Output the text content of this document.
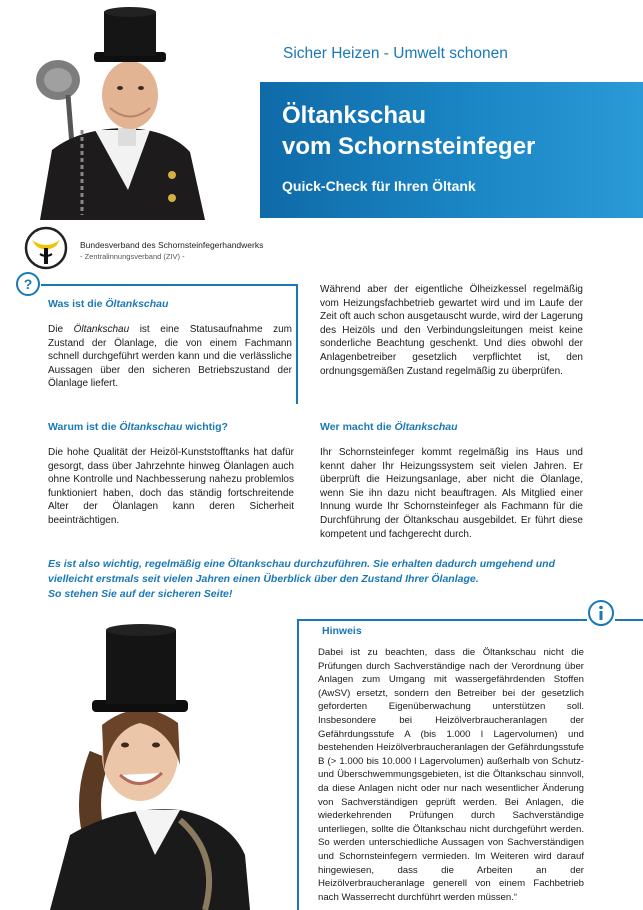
Sicher Heizen - Umwelt schonen
Öltankschau
vom Schornsteinfeger
Quick-Check für Ihren Öltank
Bundesverband des Schornsteinfegerhandwerks
- Zentralinnungsverband (ZIV) -
?
Was ist die Öltankschau
Die Öltankschau ist eine Statusaufnahme zum Zustand der Ölanlage, die von einem Fachmann schnell durchgeführt werden kann und die verlässliche Aussagen über den sicheren Betriebszustand der Ölanlage liefert.
Während aber der eigentliche Ölheizkessel regelmäßig vom Heizungsfachbetrieb gewartet wird und im Laufe der Zeit oft auch schon ausgetauscht wurde, wird der Lagerung des Heizöls und den Verbindungsleitungen meist keine sonderliche Beachtung geschenkt. Und dies obwohl der Anlagenbetreiber gesetzlich verpflichtet ist, den ordnungsgemäßen Zustand regelmäßig zu überprüfen.
Warum ist die Öltankschau wichtig?
Die hohe Qualität der Heizöl-Kunststofftanks hat dafür gesorgt, dass über Jahrzehnte hinweg Ölanlagen auch ohne Kontrolle und Nachbesserung nahezu problemlos funktioniert haben, doch das ständig fortschreitende Alter der Ölanlagen kann deren Sicherheit beeinträchtigen.
Wer macht die Öltankschau
Ihr Schornsteinfeger kommt regelmäßig ins Haus und kennt daher Ihr Heizungssystem seit vielen Jahren. Er überprüft die Heizungsanlage, aber nicht die Ölanlage, wenn Sie ihn dazu nicht beauftragen. Als Mitglied einer Innung wurde Ihr Schornsteinfeger als Fachmann für die Durchführung der Öltankschau ausgebildet. Er führt diese kompetent und fachgerecht durch.
Es ist also wichtig, regelmäßig eine Öltankschau durchzuführen. Sie erhalten dadurch umgehend und
vielleicht erstmals seit vielen Jahren einen Überblick über den Zustand Ihrer Ölanlage.
So stehen Sie auf der sicheren Seite!
Hinweis
Dabei ist zu beachten, dass die Öltankschau nicht die Prüfungen durch Sachverständige nach der Verordnung über Anlagen zum Umgang mit wassergefährdenden Stoffen (AwSV) ersetzt, sondern den Betreiber bei der gesetzlich geforderten Eigenüberwachung unterstützen soll. Insbesondere bei Heizölverbraucheranlagen der Gefährdungsstufe A (bis 1.000 l Lagervolumen) und bestehenden Heizölverbraucheranlagen der Gefährdungsstufe B (> 1.000 bis 10.000 l Lagervolumen) außerhalb von Schutz- und Überschwemmungsgebieten, ist die Öltankschau sinnvoll, da diese Anlagen nicht oder nur nach wesentlicher Änderung von Sachverständigen geprüft werden. Bei Anlagen, die wiederkehrenden Prüfungen durch Sachverständige unterliegen, sollte die Öltankschau nicht durchgeführt werden. So werden unterschiedliche Aussagen von Sachverständigen und Schornsteinfegern vermieden. Im Weiteren wird darauf hingewiesen, dass die Arbeiten an der Heizölverbraucheranlage generell von einem Fachbetrieb nach Wasserrecht durchführt werden müssen.“
